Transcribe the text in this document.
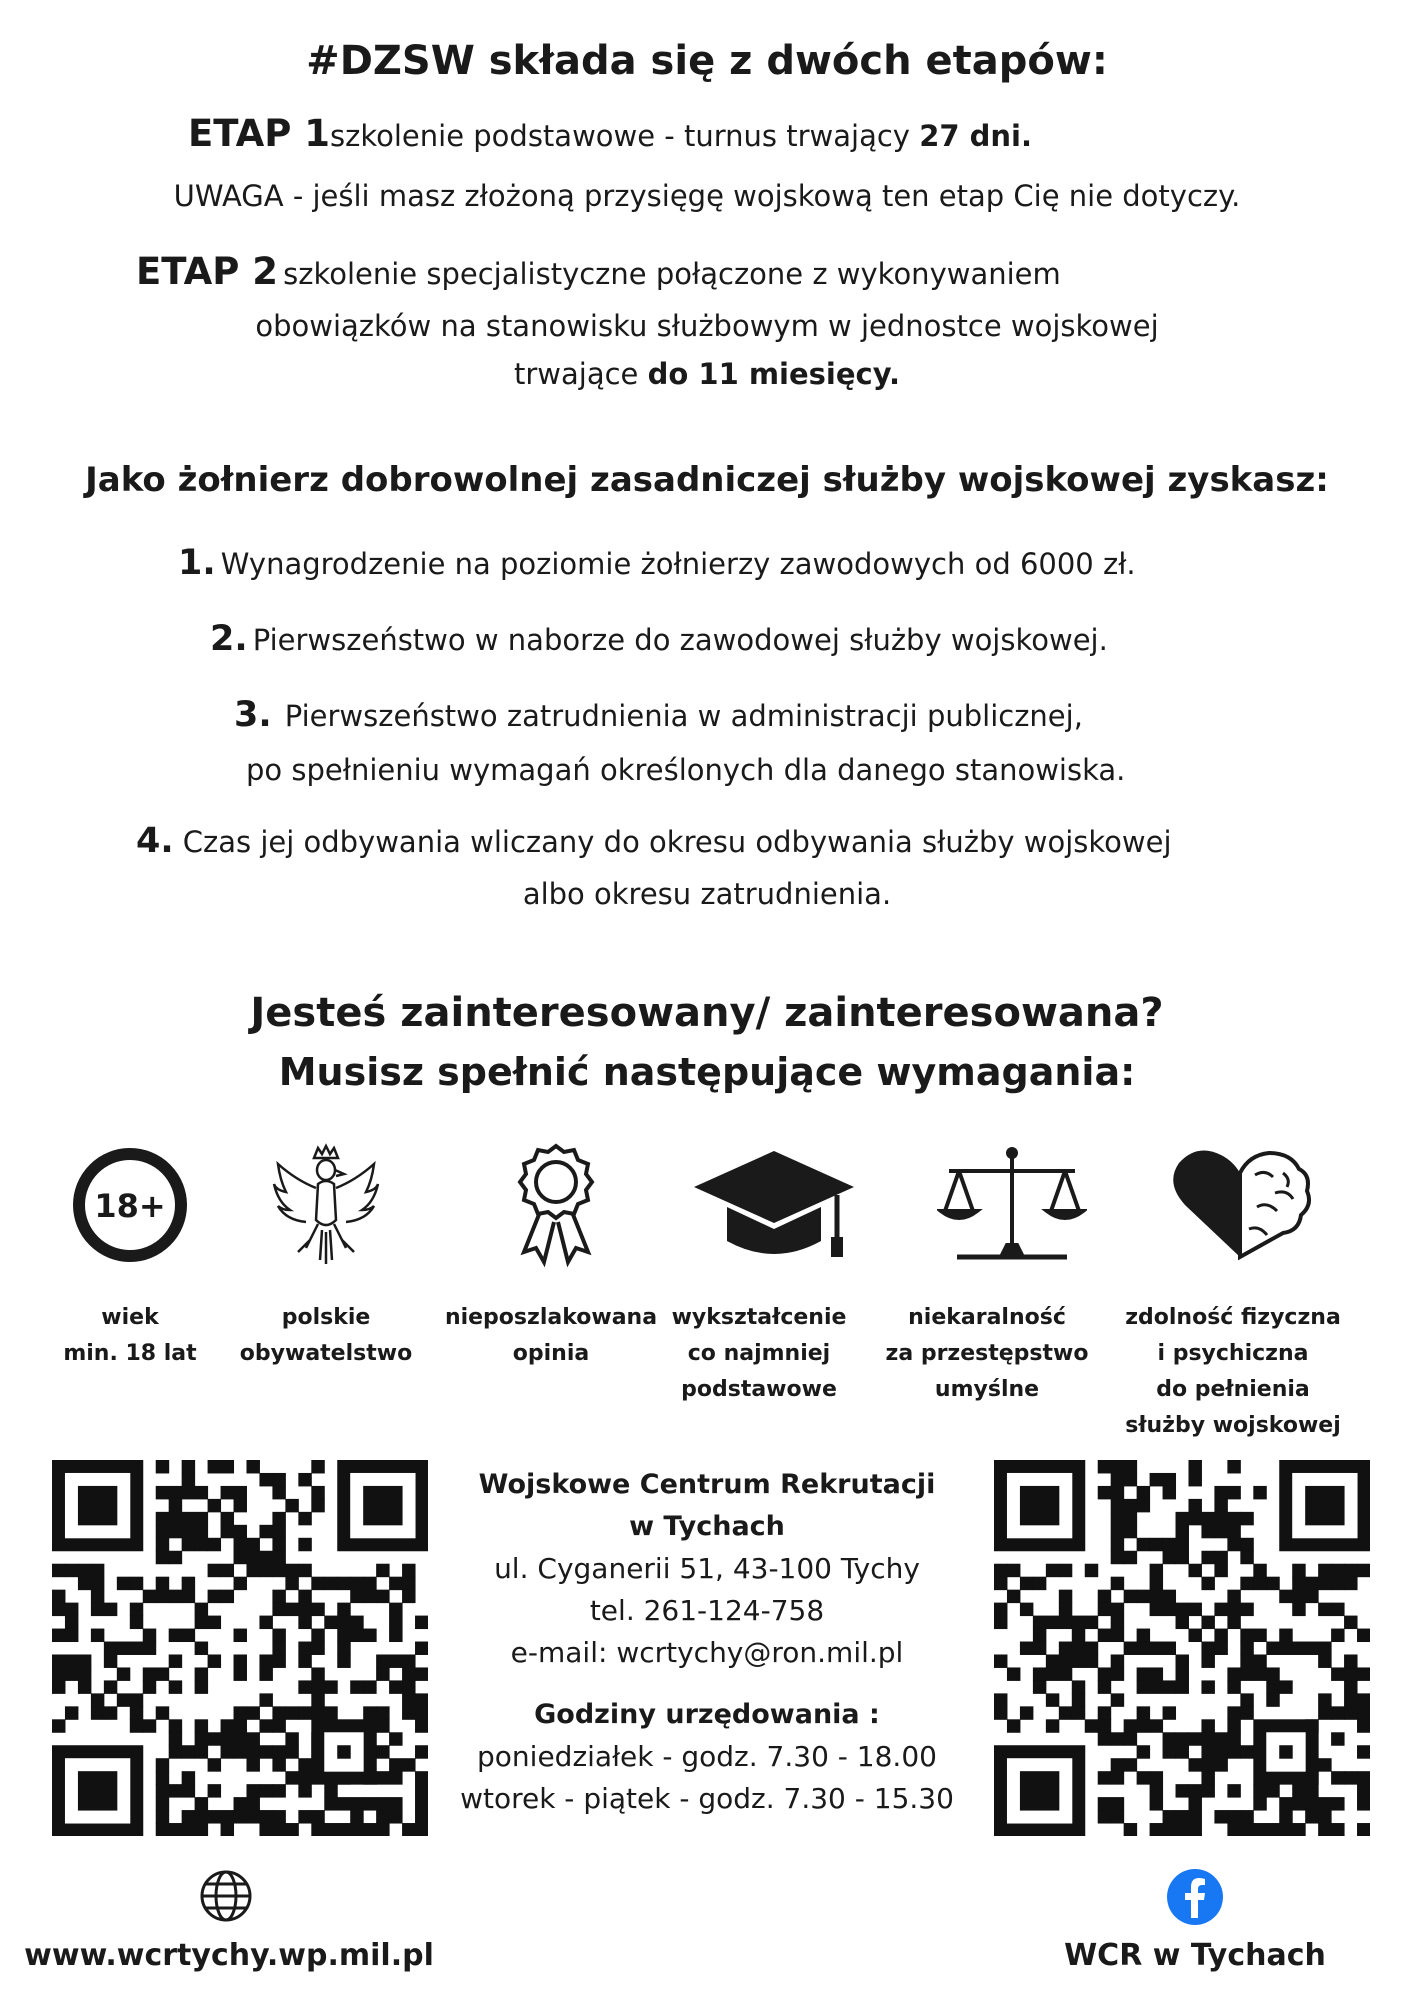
#DZSW składa się z dwóch etapów:
ETAP 1szkolenie podstawowe - turnus trwający 27 dni.
UWAGA - jeśli masz złożoną przysięgę wojskową ten etap Cię nie dotyczy.
ETAP 2 szkolenie specjalistyczne połączone z wykonywaniem
obowiązków na stanowisku służbowym w jednostce wojskowej
trwające do 11 miesięcy.
Jako żołnierz dobrowolnej zasadniczej służby wojskowej zyskasz:
1. Wynagrodzenie na poziomie żołnierzy zawodowych od 6000 zł.
2. Pierwszeństwo w naborze do zawodowej służby wojskowej.
3. Pierwszeństwo zatrudnienia w administracji publicznej,
po spełnieniu wymagań określonych dla danego stanowiska.
4. Czas jej odbywania wliczany do okresu odbywania służby wojskowej
albo okresu zatrudnienia.
Jesteś zainteresowany/ zainteresowana?
Musisz spełnić następujące wymagania:
18+
wiek
min. 18 lat
polskie
obywatelstwo
nieposzlakowana
opinia
wykształcenie
co najmniej
podstawowe
niekaralność
za przestępstwo
umyślne
zdolność fizyczna
i psychiczna
do pełnienia
służby wojskowej
Wojskowe Centrum Rekrutacji
w Tychach
ul. Cyganerii 51, 43-100 Tychy
tel. 261-124-758
e-mail: wcrtychy@ron.mil.pl
Godziny urzędowania :
poniedziałek - godz. 7.30 - 18.00
wtorek - piątek - godz. 7.30 - 15.30
www.wcrtychy.wp.mil.pl	WCR w Tychach
